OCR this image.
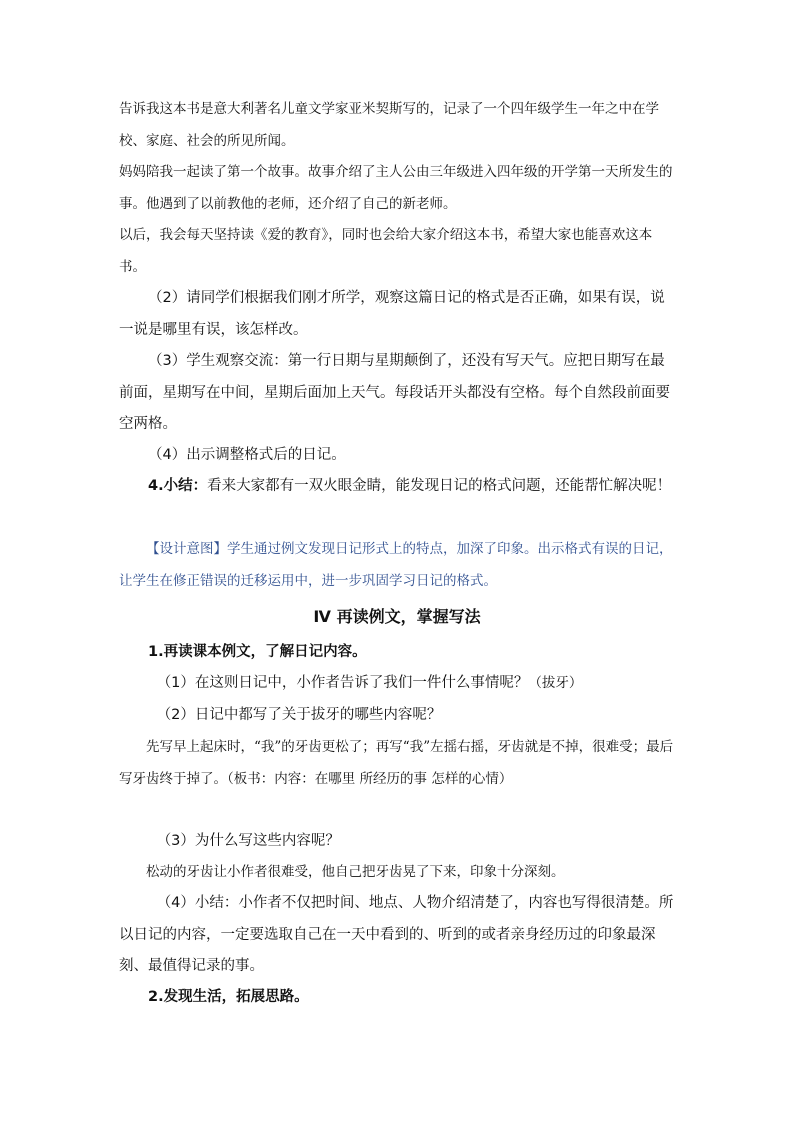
告诉我这本书是意大利著名儿童文学家亚米契斯写的，记录了一个四年级学生一年之中在学校、家庭、社会的所见所闻。

妈妈陪我一起读了第一个故事。故事介绍了主人公由三年级进入四年级的开学第一天所发生的事。他遇到了以前教他的老师，还介绍了自己的新老师。

以后，我会每天坚持读《爱的教育》，同时也会给大家介绍这本书，希望大家也能喜欢这本书。

（2）请同学们根据我们刚才所学，观察这篇日记的格式是否正确，如果有误，说一说是哪里有误，该怎样改。

（3）学生观察交流：第一行日期与星期颠倒了，还没有写天气。应把日期写在最前面，星期写在中间，星期后面加上天气。每段话开头都没有空格。每个自然段前面要空两格。

（4）出示调整格式后的日记。

4.小结：看来大家都有一双火眼金睛，能发现日记的格式问题，还能帮忙解决呢！

【设计意图】学生通过例文发现日记形式上的特点，加深了印象。出示格式有误的日记，让学生在修正错误的迁移运用中，进一步巩固学习日记的格式。

Ⅳ 再读例文，掌握写法

1.再读课本例文，了解日记内容。

（1）在这则日记中，小作者告诉了我们一件什么事情呢？（拔牙）

（2）日记中都写了关于拔牙的哪些内容呢？

先写早上起床时，“我”的牙齿更松了；再写“我”左摇右摇，牙齿就是不掉，很难受；最后写牙齿终于掉了。（板书：内容：在哪里 所经历的事 怎样的心情）

（3）为什么写这些内容呢？

松动的牙齿让小作者很难受，他自己把牙齿晃了下来，印象十分深刻。

（4）小结：小作者不仅把时间、地点、人物介绍清楚了，内容也写得很清楚。所以日记的内容，一定要选取自己在一天中看到的、听到的或者亲身经历过的印象最深刻、最值得记录的事。

2.发现生活，拓展思路。
